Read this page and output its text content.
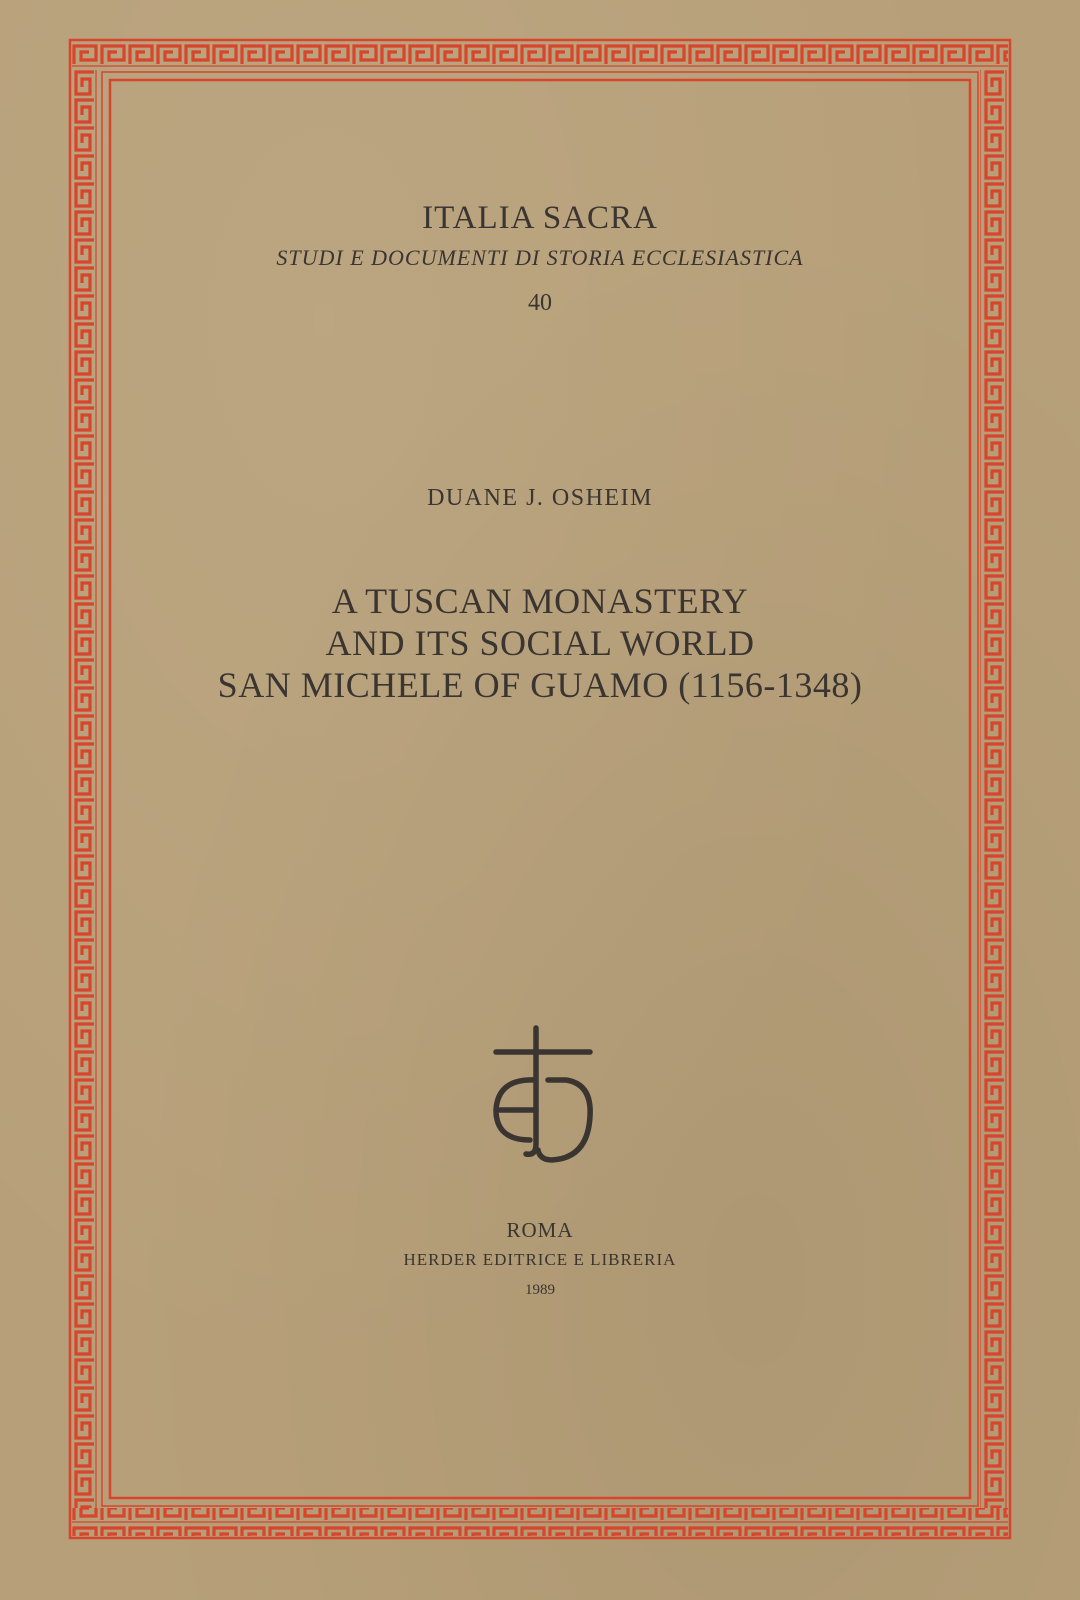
ITALIA SACRA
STUDI E DOCUMENTI DI STORIA ECCLESIASTICA
40
DUANE J. OSHEIM
A TUSCAN MONASTERY
AND ITS SOCIAL WORLD
SAN MICHELE OF GUAMO (1156-1348)
ROMA
HERDER EDITRICE E LIBRERIA
1989
